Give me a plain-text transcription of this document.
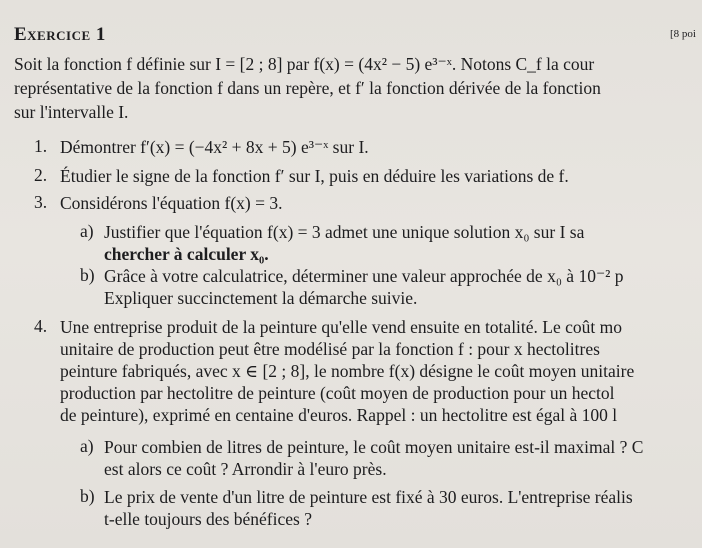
Exercice 1	[8 poi
Soit la fonction f définie sur I = [2 ; 8] par f(x) = (4x² − 5) e³⁻ˣ. Notons C_f la cour
représentative de la fonction f dans un repère, et f′ la fonction dérivée de la fonction
sur l'intervalle I.
1. Démontrer f′(x) = (−4x² + 8x + 5) e³⁻ˣ sur I.
2. Étudier le signe de la fonction f′ sur I, puis en déduire les variations de f.
3. Considérons l'équation f(x) = 3.
a) Justifier que l'équation f(x) = 3 admet une unique solution x₀ sur I sa
chercher à calculer x₀.
b) Grâce à votre calculatrice, déterminer une valeur approchée de x₀ à 10⁻² p
Expliquer succinctement la démarche suivie.
4. Une entreprise produit de la peinture qu'elle vend ensuite en totalité. Le coût mo
unitaire de production peut être modélisé par la fonction f : pour x hectolitres
peinture fabriqués, avec x ∈ [2 ; 8], le nombre f(x) désigne le coût moyen unitaire
production par hectolitre de peinture (coût moyen de production pour un hectol
de peinture), exprimé en centaine d'euros. Rappel : un hectolitre est égal à 100 l
a) Pour combien de litres de peinture, le coût moyen unitaire est-il maximal ? C
est alors ce coût ? Arrondir à l'euro près.
b) Le prix de vente d'un litre de peinture est fixé à 30 euros. L'entreprise réalis
t-elle toujours des bénéfices ?
